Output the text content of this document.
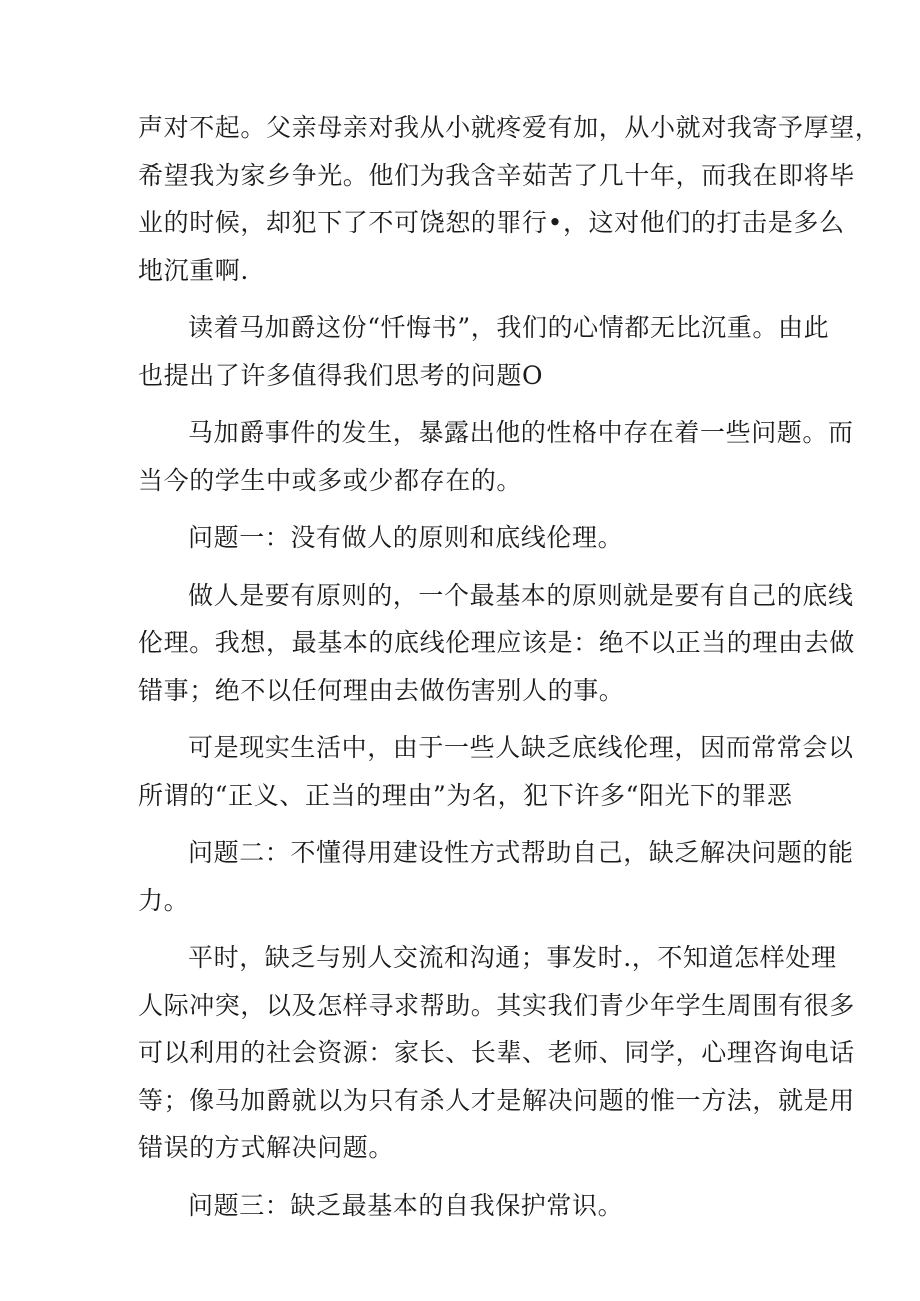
声对不起。父亲母亲对我从小就疼爱有加，从小就对我寄予厚望，
希望我为家乡争光。他们为我含辛茹苦了几十年，而我在即将毕
业的时候，却犯下了不可饶恕的罪行•，这对他们的打击是多么
地沉重啊.
读着马加爵这份“忏悔书”，我们的心情都无比沉重。由此
也提出了许多值得我们思考的问题O
马加爵事件的发生，暴露出他的性格中存在着一些问题。而
当今的学生中或多或少都存在的。
问题一：没有做人的原则和底线伦理。
做人是要有原则的，一个最基本的原则就是要有自己的底线
伦理。我想，最基本的底线伦理应该是：绝不以正当的理由去做
错事；绝不以任何理由去做伤害别人的事。
可是现实生活中，由于一些人缺乏底线伦理，因而常常会以
所谓的“正义、正当的理由”为名，犯下许多“阳光下的罪恶
问题二：不懂得用建设性方式帮助自己，缺乏解决问题的能
力。
平时，缺乏与别人交流和沟通；事发时.，不知道怎样处理
人际冲突，以及怎样寻求帮助。其实我们青少年学生周围有很多
可以利用的社会资源：家长、长辈、老师、同学，心理咨询电话
等；像马加爵就以为只有杀人才是解决问题的惟一方法，就是用
错误的方式解决问题。
问题三：缺乏最基本的自我保护常识。
